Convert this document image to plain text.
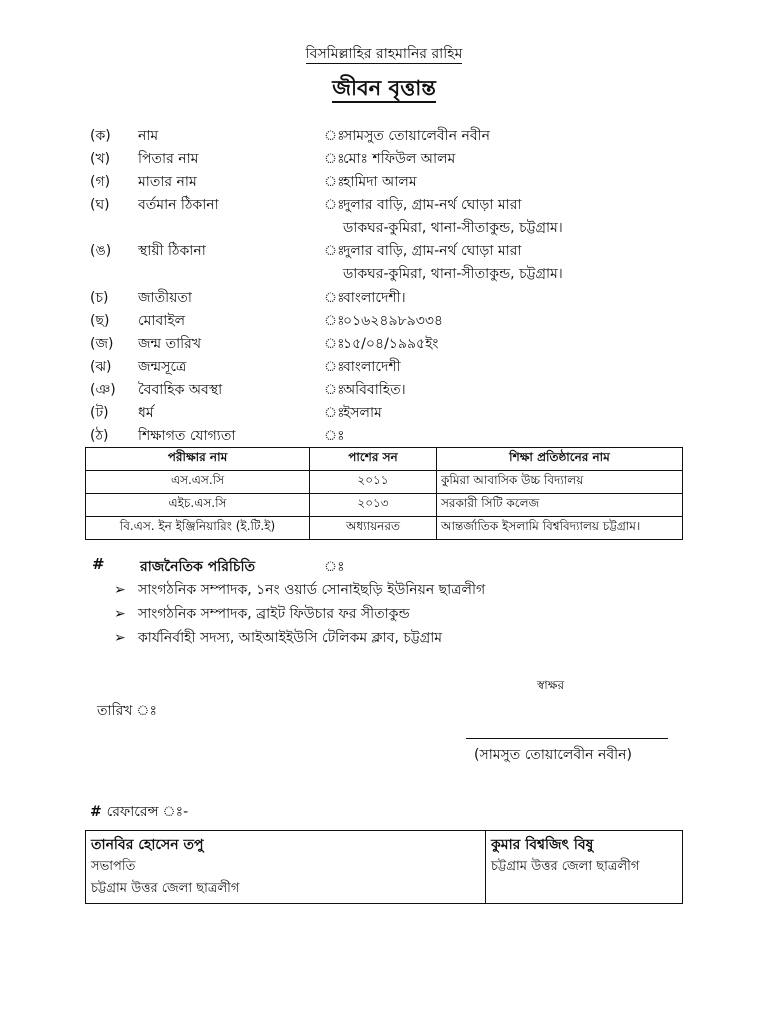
বিসমিল্লাহির রাহমানির রাহিম
জীবন বৃত্তান্ত
(ক) নাম	ঃ
সামসুত তোয়ালেবীন নবীন
(খ) পিতার নাম	ঃ
মোঃ শফিউল আলম
(গ) মাতার নাম	ঃ
হামিদা আলম
(ঘ) বর্তমান ঠিকানা	ঃ
দুলার বাড়ি, গ্রাম-নর্থ ঘোড়া মারা
ডাকঘর-কুমিরা, থানা-সীতাকুন্ড, চট্টগ্রাম।
(ঙ) স্থায়ী ঠিকানা	ঃ
দুলার বাড়ি, গ্রাম-নর্থ ঘোড়া মারা
ডাকঘর-কুমিরা, থানা-সীতাকুন্ড, চট্টগ্রাম।
(চ) জাতীয়তা	ঃ
বাংলাদেশী।
(ছ) মোবাইল	ঃ
০১৬২৪৯৮৯৩৩৪
(জ) জন্ম তারিখ	ঃ
১৫/০৪/১৯৯৫ইং
(ঝ) জন্মসূত্রে	ঃ
বাংলাদেশী
(ঞ) বৈবাহিক অবস্থা	ঃ
অবিবাহিত।
(ট) ধর্ম	ঃ
ইসলাম
(ঠ) শিক্ষাগত যোগ্যতা	ঃ
পরীক্ষার নাম	পাশের সন	শিক্ষা প্রতিষ্ঠানের নাম
এস.এস.সি	২০১১	কুমিরা আবাসিক উচ্চ বিদ্যালয়
এইচ.এস.সি	২০১৩	সরকারী সিটি কলেজ
বি.এস. ইন ইঞ্জিনিয়ারিং (ই.টি.ই)	অধ্যায়নরত	আন্তর্জাতিক ইসলামি বিশ্ববিদ্যালয় চট্টগ্রাম।
#	রাজনৈতিক পরিচিতি	ঃ
➢ সাংগঠনিক সম্পাদক, ১নং ওয়ার্ড সোনাইছড়ি ইউনিয়ন ছাত্রলীগ
➢ সাংগঠনিক সম্পাদক, ব্রাইট ফিউচার ফর সীতাকুন্ড
➢ কার্যনির্বাহী সদস্য, আইআইইউসি টেলিকম ক্লাব, চট্টগ্রাম
স্বাক্ষর
তারিখ ঃ
(সামসুত তোয়ালেবীন নবীন)
# রেফারেন্স ঃ-
তানবির হোসেন তপু
সভাপতি
চট্টগ্রাম উত্তর জেলা ছাত্রলীগ

কুমার বিশ্বজিৎ বিষু
চট্টগ্রাম উত্তর জেলা ছাত্রলীগ
